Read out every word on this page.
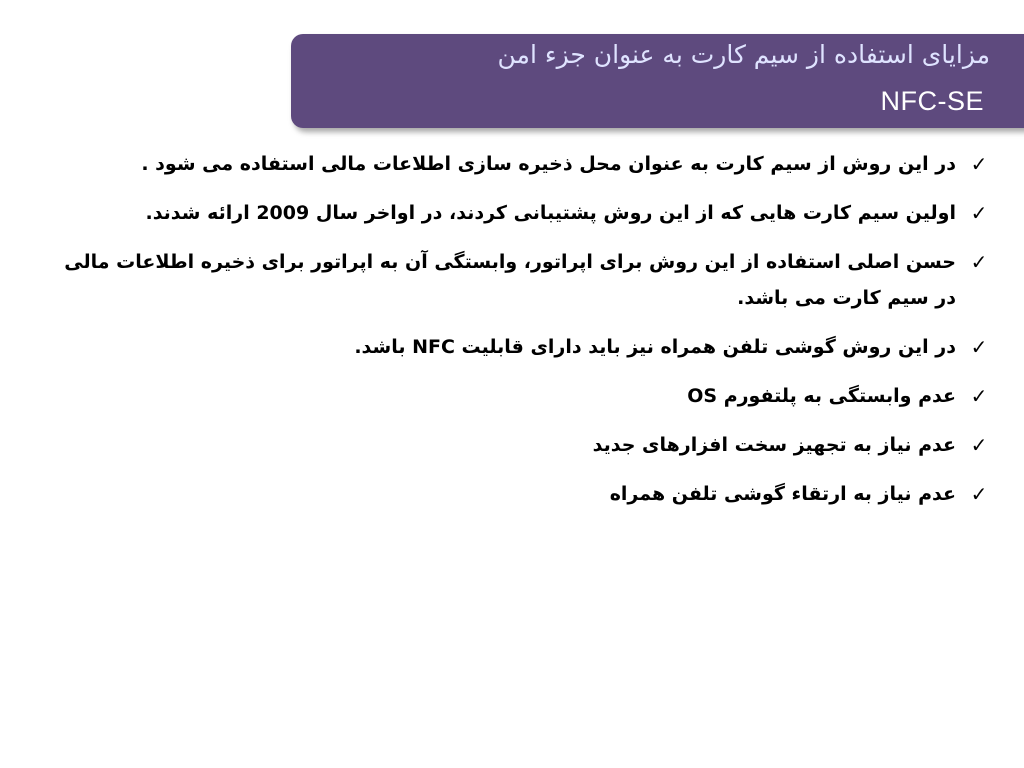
مزایای استفاده از سیم کارت به عنوان جزء امن
NFC-SE
✓
در این روش از سیم کارت به عنوان محل ذخیره سازی اطلاعات مالی استفاده می شود .
✓
اولین سیم کارت هایی که از این روش پشتیبانی کردند، در اواخر سال 2009 ارائه شدند.
✓
حسن اصلی استفاده از این روش برای اپراتور، وابستگی آن به اپراتور برای ذخیره اطلاعات مالی در سیم کارت می باشد.
✓
در این روش گوشی تلفن همراه نیز باید دارای قابلیت NFC باشد.
✓
عدم وابستگی به پلتفورم OS
✓
عدم نیاز به تجهیز سخت افزارهای جدید
✓
عدم نیاز به ارتقاء گوشی تلفن همراه
